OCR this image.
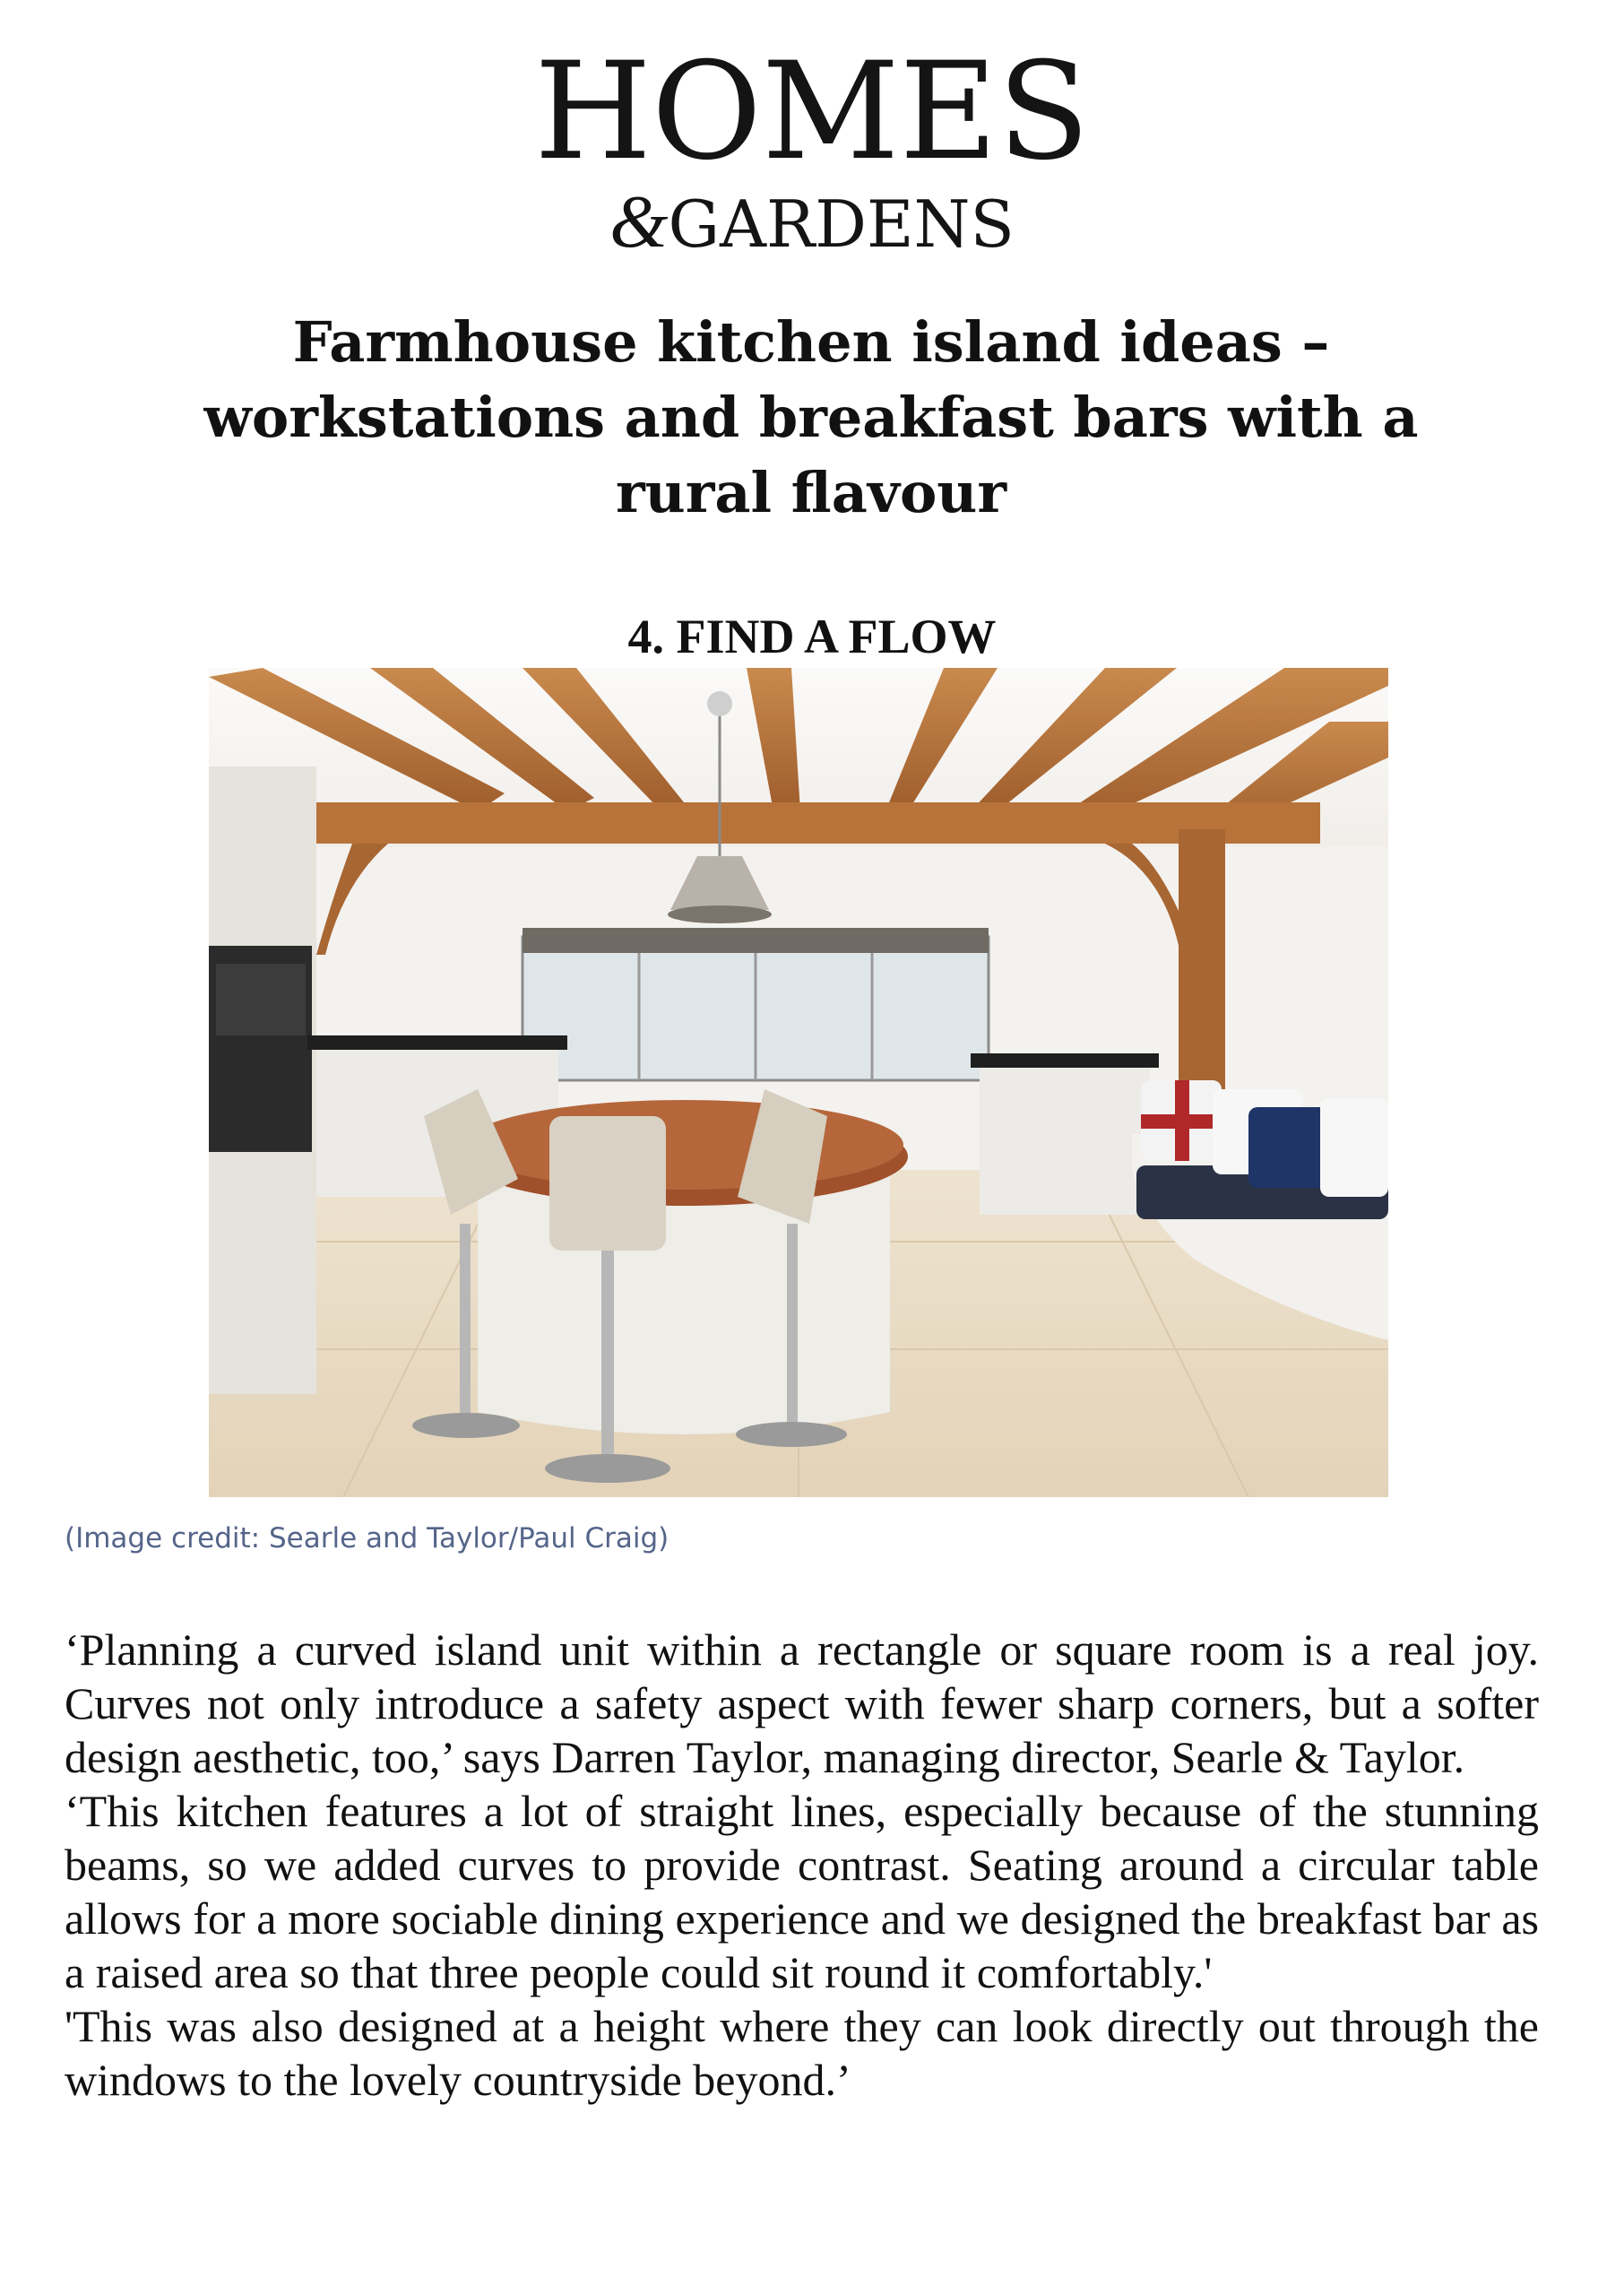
HOMES
&GARDENS
Farmhouse kitchen island ideas – workstations and breakfast bars with a rural flavour
4. FIND A FLOW
(Image credit: Searle and Taylor/Paul Craig)

‘Planning a curved island unit within a rectangle or square room is a real joy. Curves not only introduce a safety aspect with fewer sharp corners, but a softer design aesthetic, too,’ says Darren Taylor, managing director, Searle & Taylor.

‘This kitchen features a lot of straight lines, especially because of the stunning beams, so we added curves to provide contrast. Seating around a circular table allows for a more sociable dining experience and we designed the breakfast bar as a raised area so that three people could sit round it comfortably.'

'This was also designed at a height where they can look directly out through the windows to the lovely countryside beyond.’
